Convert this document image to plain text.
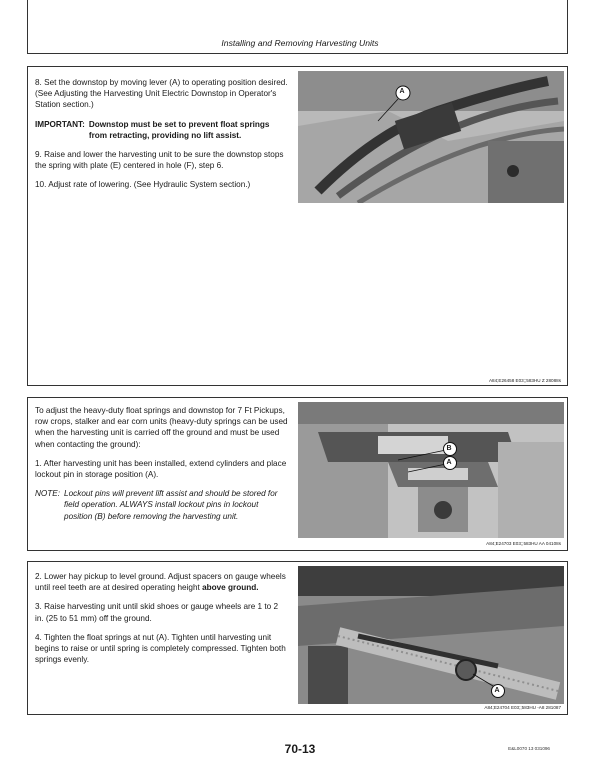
Installing and Removing Harvesting Units

8. Set the downstop by moving lever (A) to operating position desired. (See Adjusting the Harvesting Unit Electric Downstop in Operator's Station section.)

IMPORTANT: Downstop must be set to prevent float springs from retracting, providing no lift assist.

9. Raise and lower the harvesting unit to be sure the downstop stops the spring with plate (E) centered in hole (F), step 6.

10. Adjust rate of lowering. (See Hydraulic System section.)

A
A84;E26458 E03;;583HU Z 28088s

To adjust the heavy-duty float springs and downstop for 7 Ft Pickups, row crops, stalker and ear corn units (heavy-duty springs can be used when the harvesting unit is carried off the ground and must be used when contacting the ground):

1. After harvesting unit has been installed, extend cylinders and place lockout pin in storage position (A).

NOTE: Lockout pins will prevent lift assist and should be stored for field operation. ALWAYS install lockout pins in lockout position (B) before removing the harvesting unit.
B
A
A84;E24703 E03;;583HU AA 04108s

2. Lower hay pickup to level ground. Adjust spacers on gauge wheels until reel teeth are at desired operating height above ground.

3. Raise harvesting unit until skid shoes or gauge wheels are 1 to 2 in. (25 to 51 mm) off the ground.

4. Tighten the float springs at nut (A). Tighten until harvesting unit begins to raise or until spring is completely compressed. Tighten both springs evenly.

A
A84;E24704 E03;;583HU -A8 281087
70-13	E&L0070 13 031096
